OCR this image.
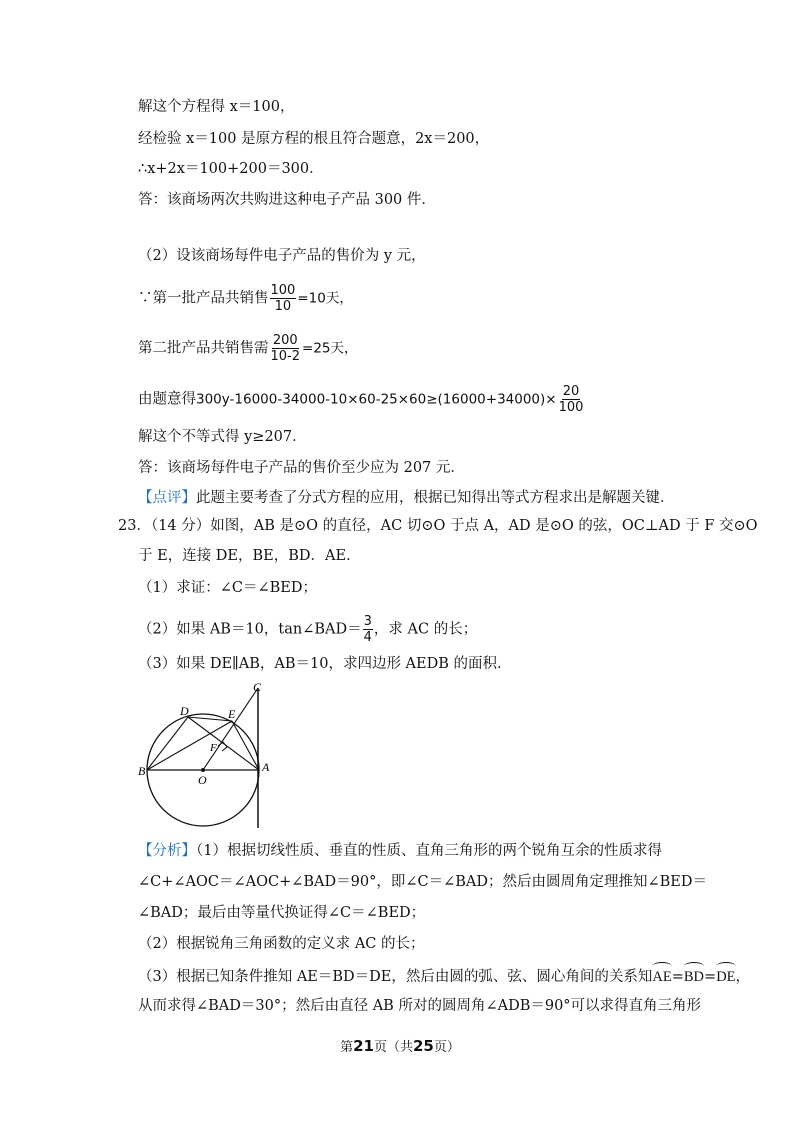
解这个方程得 x＝100，
经检验 x＝100 是原方程的根且符合题意，2x＝200，
∴x+2x＝100+200＝300．
答：该商场两次共购进这种电子产品 300 件．
（2）设该商场每件电子产品的售价为 y 元，
∵第一批产品共销售 $\frac{100}{10} =10$天，
第二批产品共销售需 $\frac{200}{10-2} =25$天，
由题意得$300y-16000-34000-10\times 60-25\times 60\ge(16000+34000)\times \frac{20}{100}$
解这个不等式得 y≥207．
答：该商场每件电子产品的售价至少应为 207 元．
【点评】此题主要考查了分式方程的应用，根据已知得出等式方程求出是解题关键．
23．（14 分）如图，AB 是⊙O 的直径，AC 切⊙O 于点 A，AD 是⊙O 的弦，OC⊥AD 于 F 交⊙O
于 E，连接 DE，BE，BD．AE．
（1）求证：∠C＝∠BED；
（2）如果 AB＝10，tan∠BAD＝ $\frac{3}{4}$ ，求 AC 的长；
（3）如果 DE∥AB，AB＝10，求四边形 AEDB 的面积．
C
D	E
F
B
O
A
【分析】（1）根据切线性质、垂直的性质、直角三角形的两个锐角互余的性质求得
∠C+∠AOC＝∠AOC+∠BAD＝90°，即∠C＝∠BAD；然后由圆周角定理推知∠BED＝
∠BAD；最后由等量代换证得∠C＝∠BED；
（2）根据锐角三角函数的定义求 AC 的长；
（3）根据已知条件推知 AE＝BD＝DE，然后由圆的弧、弦、圆心角间的关系知AE=BD=DE，
从而求得∠BAD＝30°；然后由直径 AB 所对的圆周角∠ADB＝90°可以求得直角三角形
第21页（共25页）
